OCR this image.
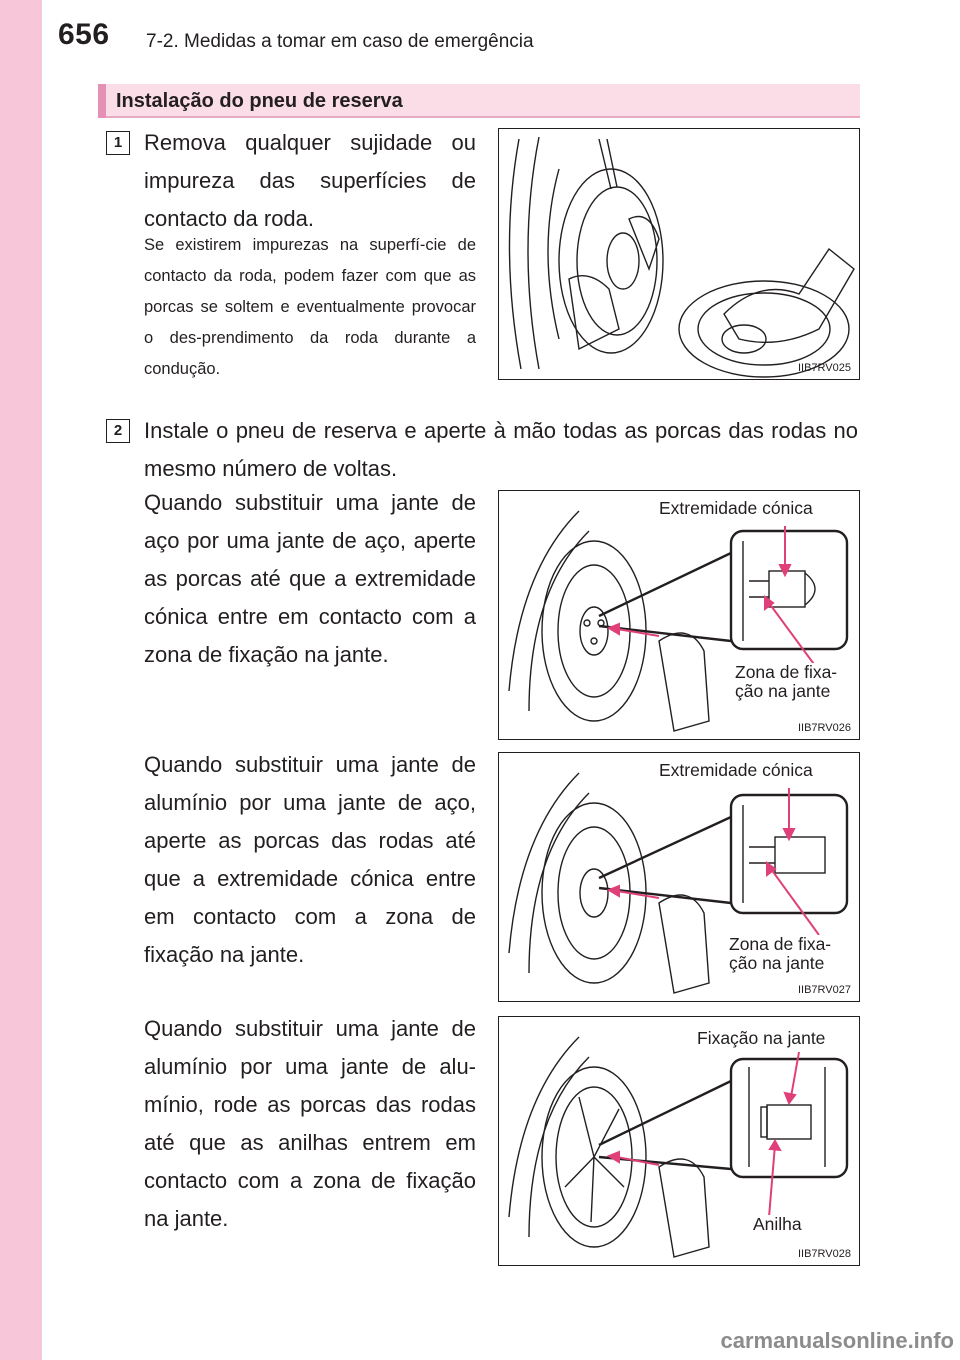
656 7-2. Medidas a tomar em caso de emergência
Instalação do pneu de reserva
1 Remova qualquer sujidade ou impureza das superfícies de contacto da roda.

Se existirem impurezas na superfí-cie de contacto da roda, podem fazer com que as porcas se soltem e eventualmente provocar o des-prendimento da roda durante a condução.	IIB7RV025
2 Instale o pneu de reserva e aperte à mão todas as porcas das rodas no mesmo número de voltas.

Quando substituir uma jante de aço por uma jante de aço, aperte as porcas até que a extremidade cónica entre em contacto com a zona de fixação na jante.

Extremidade cónica
Zona de fixa-
ção na jante
IIB7RV026

Quando substituir uma jante de alumínio por uma jante de aço, aperte as porcas das rodas até que a extremidade cónica entre em contacto com a zona de fixação na jante.

Extremidade cónica
Zona de fixa-
ção na jante
IIB7RV027

Quando substituir uma jante de alumínio por uma jante de alu-mínio, rode as porcas das rodas até que as anilhas entrem em contacto com a zona de fixação na jante.

Fixação na jante
Anilha
IIB7RV028
carmanualsonline.info
